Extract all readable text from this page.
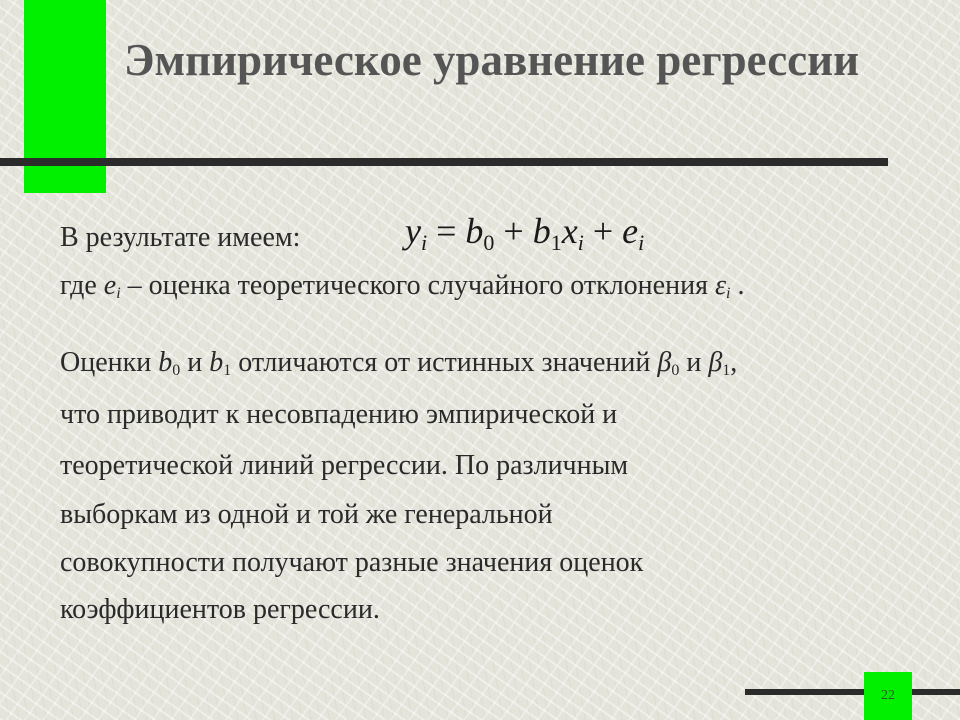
Эмпирическое уравнение регрессии
В результате имеем:	$y_i = b_0 + b_1x_i + e_i$
где $e_i$ – оценка теоретического случайного отклонения $\varepsilon_i$ .
Оценки $b_0$ и $b_1$ отличаются от истинных значений $\beta_0$ и $\beta_1$,
что приводит к несовпадению эмпирической и
теоретической линий регрессии. По различным
выборкам из одной и той же генеральной
совокупности получают разные значения оценок
коэффициентов регрессии.
22
